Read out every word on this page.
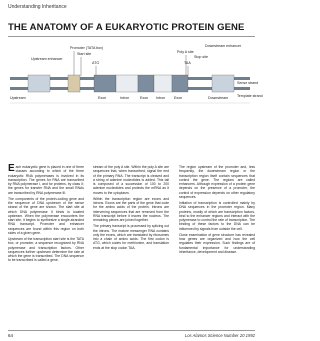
Understanding Inheritance
THE ANATOMY OF A EUKARYOTIC PROTEIN GENE
Promoter (TATA box)
Start site
Upstream enhancer
ATG
Poly A site
TAA
Downstream enhancer
Stop site
Sense strand
Template strand
Exon	Intron	Exon Intron Exon
Upstream	Downstream

Each eukaryotic gene is placed in one of three classes according to which of the three eukaryotic RNA polymerases is involved in its transcription. The genes for RNA are transcribed by RNA polymerase I, and for proteins, by class II; the genes for transfer RNA and the small RNAs are transcribed by RNA polymerase III.

The components of the protein-coding gene and the sequence of DNA upstream of the sense strand of the gene are shown. The start site at which DNA polymerase II binds is located upstream. When the polymerase encounters the start site, it begins to synthesize a single-stranded RNA transcript. Promoter and enhancer sequences are found within this region on both sides of a given gene.

Upstream of the transcription start site is the TATA box, or promoter, a sequence recognized by RNA polymerase and transcription factors. Other sequences further upstream determine the rate at which the gene is transcribed. The DNA sequence to be transcribed is called a gene.

stream of the poly A site. Within the poly A site are sequences that, when transcribed, signal the end of the primary RNA. The transcript is cleaved and a string of adenine nucleotides is added. This tail is composed of a succession of 100 to 200 adenine nucleotides and protects the mRNA as it moves to the cytoplasm.

Within the transcription region are exons and introns. Exons are the parts of the gene that code for the amino acids of the protein. Introns are intervening sequences that are removed from the RNA transcript before it leaves the nucleus. The remaining pieces are joined together.

The primary transcript is processed by splicing out the introns. The mature messenger RNA contains only the exons, which are translated by ribosomes into a chain of amino acids. The first codon is ATG, which codes for methionine, and translation ends at the stop codon TAA.

The region upstream of the promoter and, less frequently, the downstream region or the transcription region itself contain sequences that control the gene. The regions are called enhancers. Although expression of a protein gene depends on the presence of a promoter, the control of expression depends on other regulatory sequences.

Initiation of transcription is controlled mainly by DNA sequences in the promoter region. Many proteins, mostly of which are transcription factors, bind to the enhancer regions and interact with the polymerase to control the rate of transcription. The binding of these factors to the DNA can be influenced by signals from outside the cell.

Close examination of gene structure has revealed how genes are organized and how the cell regulates their expression. Such findings are of fundamental importance for understanding inheritance, development and disease.

64	Los Alamos Science Number 20 1992
